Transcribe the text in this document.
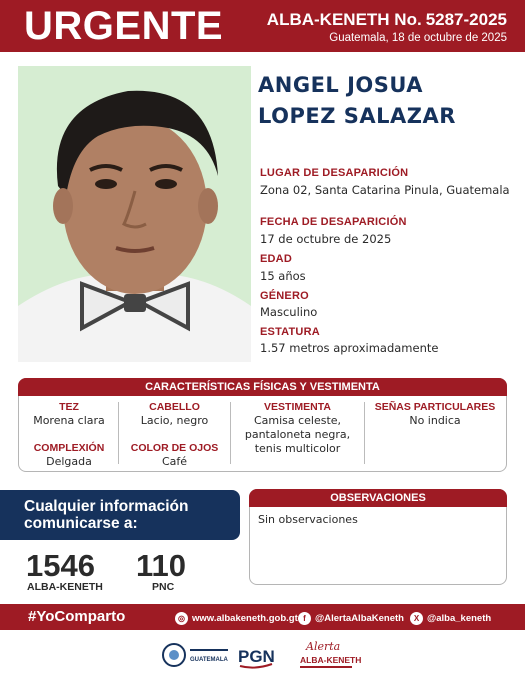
URGENTE	ALBA-KENETH No. 5287-2025
Guatemala, 18 de octubre de 2025
ANGEL JOSUA
LOPEZ SALAZAR
LUGAR DE DESAPARICIÓN
Zona 02, Santa Catarina Pinula, Guatemala
FECHA DE DESAPARICIÓN
17 de octubre de 2025
EDAD
15 años
GÉNERO
Masculino
ESTATURA
1.57 metros aproximadamente
CARACTERÍSTICAS FÍSICAS Y VESTIMENTA
TEZ
Morena clara
COMPLEXIÓN
Delgada
CABELLO
Lacio, negro
COLOR DE OJOS
Café
VESTIMENTA
Camisa celeste,
pantaloneta negra,
tenis multicolor
SEÑAS PARTICULARES
No indica
Cualquier información
comunicarse a:
1546
ALBA-KENETH
110
PNC
OBSERVACIONES
Sin observaciones
#YoComparto	◎ www.albakeneth.gob.gt f @AlertaAlbaKeneth	X @alba_keneth
GUATEMALA PGN
Alerta
ALBA-KENETH
